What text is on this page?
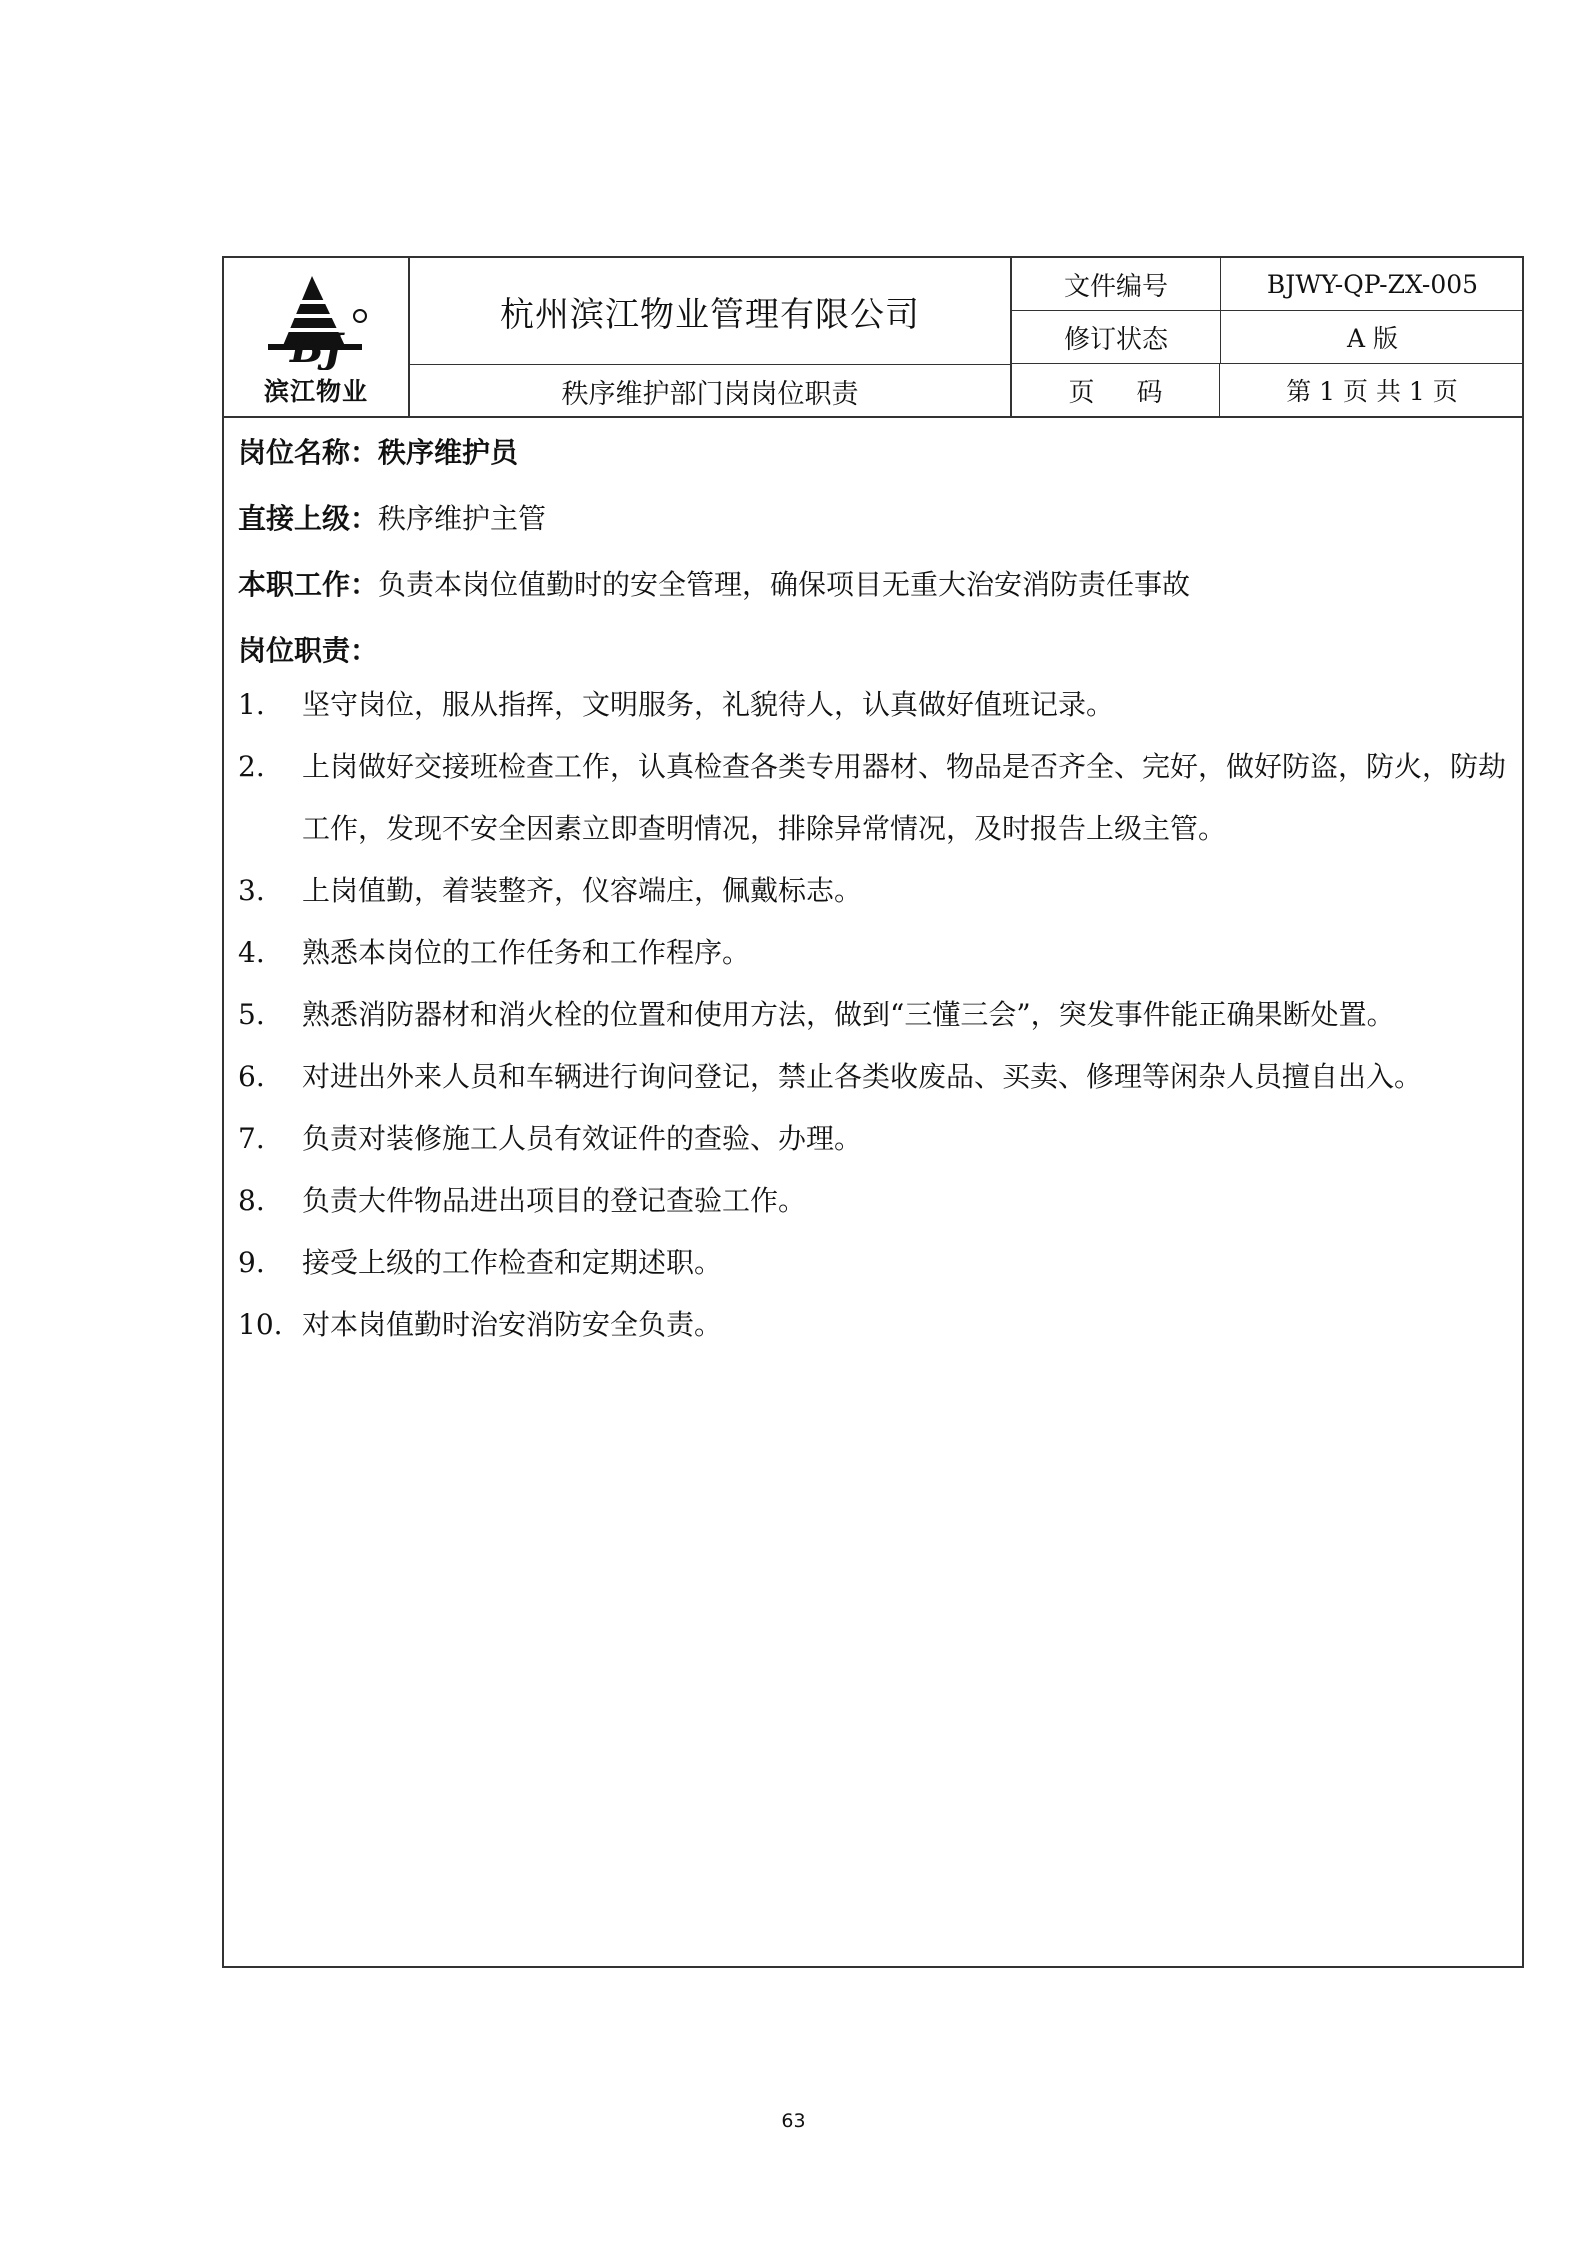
BJ
滨江物业
杭州滨江物业管理有限公司
秩序维护部门岗岗位职责
文件编号	BJWY-QP-ZX-005
修订状态	A 版
页码	第 1 页 共 1 页
岗位名称：秩序维护员
直接上级：秩序维护主管
本职工作：负责本岗位值勤时的安全管理，确保项目无重大治安消防责任事故
岗位职责：
1. 坚守岗位，服从指挥，文明服务，礼貌待人，认真做好值班记录。
2. 上岗做好交接班检查工作，认真检查各类专用器材、物品是否齐全、完好，做好防盗，防火，防劫工作，发现不安全因素立即查明情况，排除异常情况，及时报告上级主管。
3. 上岗值勤，着装整齐，仪容端庄，佩戴标志。
4. 熟悉本岗位的工作任务和工作程序。
5. 熟悉消防器材和消火栓的位置和使用方法，做到“三懂三会”，突发事件能正确果断处置。
6. 对进出外来人员和车辆进行询问登记，禁止各类收废品、买卖、修理等闲杂人员擅自出入。
7. 负责对装修施工人员有效证件的查验、办理。
8. 负责大件物品进出项目的登记查验工作。
9. 接受上级的工作检查和定期述职。
10. 对本岗值勤时治安消防安全负责。
63
